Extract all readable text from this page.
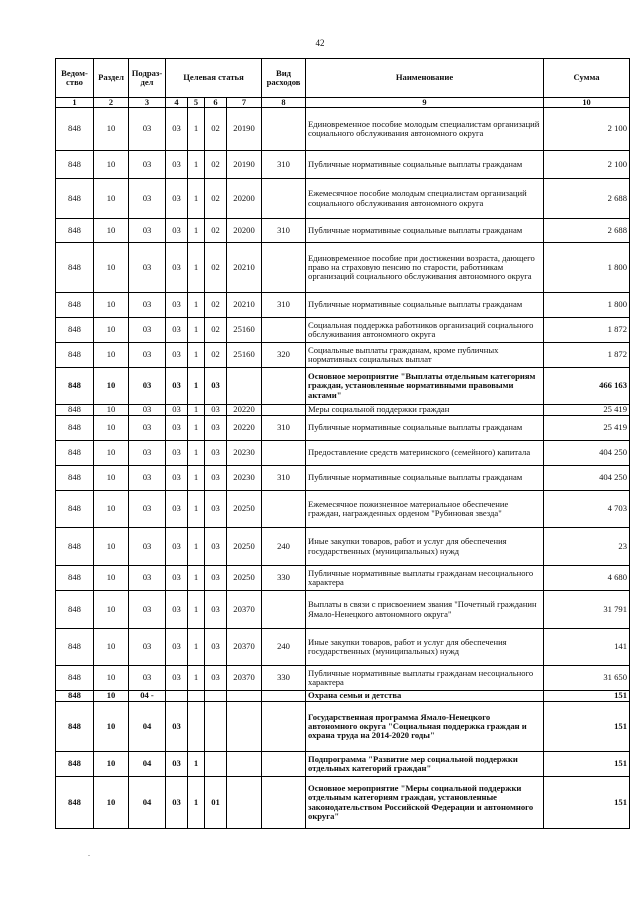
42
Ведом-ство	Раздел	Подраз-дел	Целевая статья				Вид расходов	Наименование	Сумма
1	2	3	4	5	6	7	8	9	10
848	10	03	03	1	02	20190		Единовременное пособие молодым специалистам организаций социального обслуживания автономного округа	2 100
848	10	03	03	1	02	20190	310	Публичные нормативные социальные выплаты гражданам	2 100
848	10	03	03	1	02	20200		Ежемесячное пособие молодым специалистам организаций социального обслуживания автономного округа	2 688
848	10	03	03	1	02	20200	310	Публичные нормативные социальные выплаты гражданам	2 688
848	10	03	03	1	02	20210		Единовременное пособие при достижении возраста, дающего право на страховую пенсию по старости, работникам организаций социального обслуживания автономного округа	1 800
848	10	03	03	1	02	20210	310	Публичные нормативные социальные выплаты гражданам	1 800
848	10	03	03	1	02	25160		Социальная поддержка работников организаций социального обслуживания автономного округа	1 872
848	10	03	03	1	02	25160	320	Социальные выплаты гражданам, кроме публичных нормативных социальных выплат	1 872
848	10	03	03	1	03			Основное мероприятие "Выплаты отдельным категориям граждан, установленные нормативными правовыми актами"	466 163
848	10	03	03	1	03	20220		Меры социальной поддержки граждан	25 419
848	10	03	03	1	03	20220	310	Публичные нормативные социальные выплаты гражданам	25 419
848	10	03	03	1	03	20230		Предоставление средств материнского (семейного) капитала	404 250
848	10	03	03	1	03	20230	310	Публичные нормативные социальные выплаты гражданам	404 250
848	10	03	03	1	03	20250		Ежемесячное пожизненное материальное обеспечение граждан, награжденных орденом "Рубиновая звезда"	4 703
848	10	03	03	1	03	20250	240	Иные закупки товаров, работ и услуг для обеспечения государственных (муниципальных) нужд	23
848	10	03	03	1	03	20250	330	Публичные нормативные выплаты гражданам несоциального характера	4 680
848	10	03	03	1	03	20370		Выплаты в связи с присвоением звания "Почетный гражданин Ямало-Ненецкого автономного округа"	31 791
848	10	03	03	1	03	20370	240	Иные закупки товаров, работ и услуг для обеспечения государственных (муниципальных) нужд	141
848	10	03	03	1	03	20370	330	Публичные нормативные выплаты гражданам несоциального характера	31 650
848	10	04 -						Охрана семьи и детства	151
848	10	04	03					Государственная программа Ямало-Ненецкого автономного округа "Социальная поддержка граждан и охрана труда на 2014-2020 годы"	151
848	10	04	03	1				Подпрограмма "Развитие мер социальной поддержки отдельных категорий граждан"	151
848	10	04	03	1	01			Основное мероприятие "Меры социальной поддержки отдельным категориям граждан, установленные законодательством Российской Федерации и автономного округа"	151
.
